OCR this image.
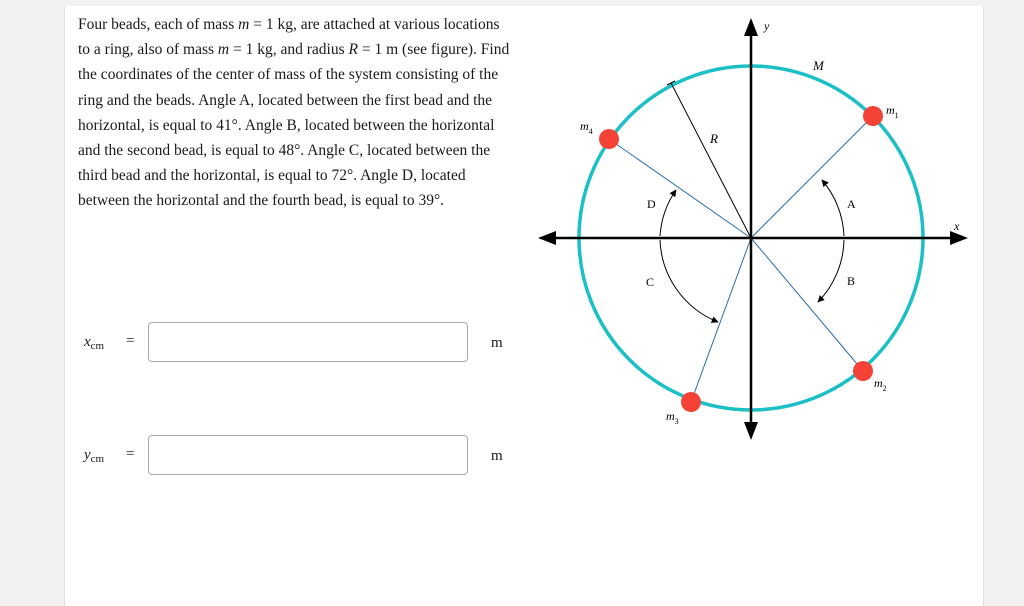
Four beads, each of mass m = 1 kg, are attached at various locations to a ring, also of mass m = 1 kg, and radius R = 1 m (see figure). Find the coordinates of the center of mass of the system consisting of the ring and the beads. Angle A, located between the first bead and the horizontal, is equal to 41°. Angle B, located between the horizontal and the second bead, is equal to 48°. Angle C, located between the third bead and the horizontal, is equal to 72°. Angle D, located between the horizontal and the fourth bead, is equal to 39°.

$x_{cm}$ =	m
$y_{cm}$ =	m
y
x
M
R
$m_1$
$m_2$
$m_3$
$m_4$
A
B
C
D
